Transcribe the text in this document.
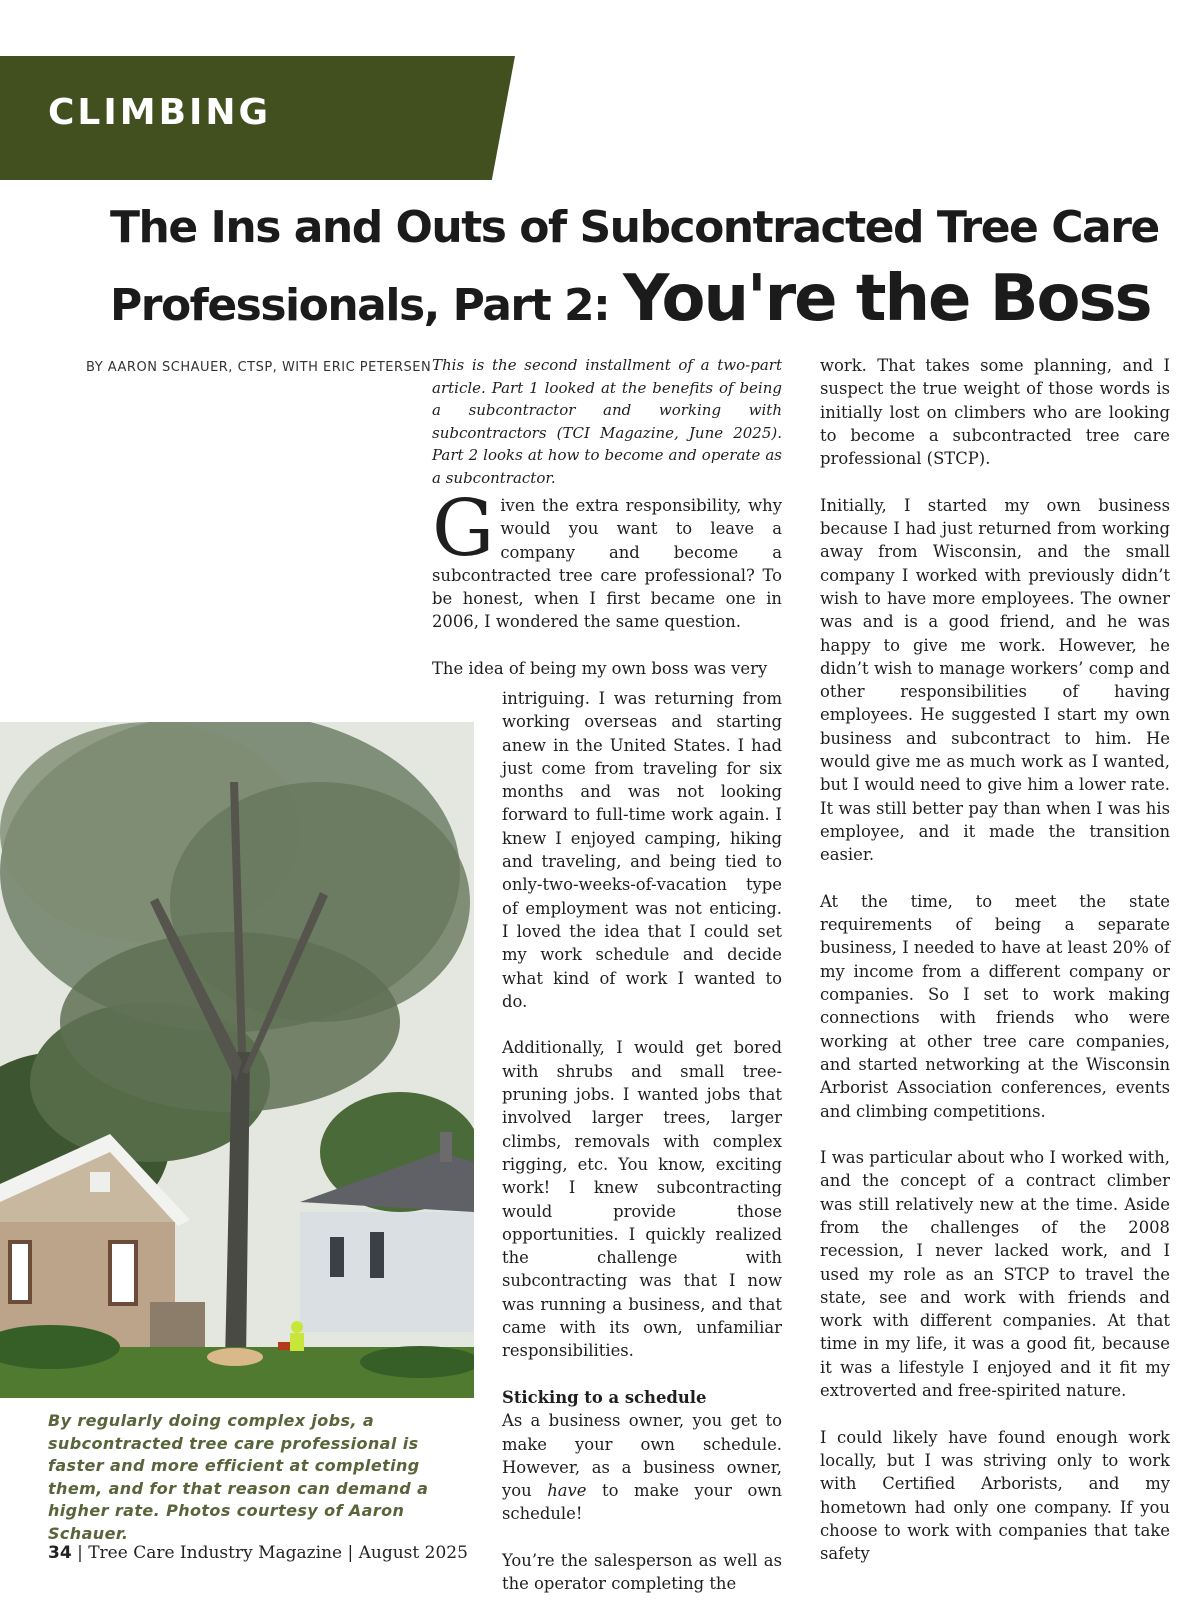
CLIMBING
The Ins and Outs of Subcontracted Tree Care
Professionals, Part 2: You're the Boss
BY AARON SCHAUER, CTSP, WITH ERIC PETERSEN This is the second installment of a two-part article. Part 1 looked at the benefits of being a subcontractor and working with subcontractors (TCI Magazine, June 2025). Part 2 looks at how to become and operate as a subcontractor.

Given the extra responsibility, why would you want to leave a company and become a subcontracted tree care professional? To be honest, when I first became one in 2006, I wondered the same question.

The idea of being my own boss was very

intriguing. I was returning from working overseas and starting anew in the United States. I had just come from traveling for six months and was not looking forward to full-time work again. I knew I enjoyed camping, hiking and traveling, and being tied to only-two-weeks-of-vacation type of employment was not enticing. I loved the idea that I could set my work schedule and decide what kind of work I wanted to do.

Additionally, I would get bored with shrubs and small tree-pruning jobs. I wanted jobs that involved larger trees, larger climbs, removals with complex rigging, etc. You know, exciting work! I knew subcontracting would provide those opportunities. I quickly realized the challenge with subcontracting was that I now was running a business, and that came with its own, unfamiliar responsibilities.

Sticking to a schedule
As a business owner, you get to make your own schedule. However, as a business owner, you have to make your own schedule!

You’re the salesperson as well as the operator completing the

work. That takes some planning, and I suspect the true weight of those words is initially lost on climbers who are looking to become a subcontracted tree care professional (STCP).

Initially, I started my own business because I had just returned from working away from Wisconsin, and the small company I worked with previously didn’t wish to have more employees. The owner was and is a good friend, and he was happy to give me work. However, he didn’t wish to manage workers’ comp and other responsibilities of having employees. He suggested I start my own business and subcontract to him. He would give me as much work as I wanted, but I would need to give him a lower rate. It was still better pay than when I was his employee, and it made the transition easier.

At the time, to meet the state requirements of being a separate business, I needed to have at least 20% of my income from a different company or companies. So I set to work making connections with friends who were working at other tree care companies, and started networking at the Wisconsin Arborist Association conferences, events and climbing competitions.

I was particular about who I worked with, and the concept of a contract climber was still relatively new at the time. Aside from the challenges of the 2008 recession, I never lacked work, and I used my role as an STCP to travel the state, see and work with friends and work with different companies. At that time in my life, it was a good fit, because it was a lifestyle I enjoyed and it fit my extroverted and free-spirited nature.

I could likely have found enough work locally, but I was striving only to work with Certified Arborists, and my hometown had only one company. If you choose to work with companies that take safety

By regularly doing complex jobs, a subcontracted tree care professional is faster and more efficient at completing them, and for that reason can demand a higher rate. Photos courtesy of Aaron Schauer.
34 | Tree Care Industry Magazine | August 2025
